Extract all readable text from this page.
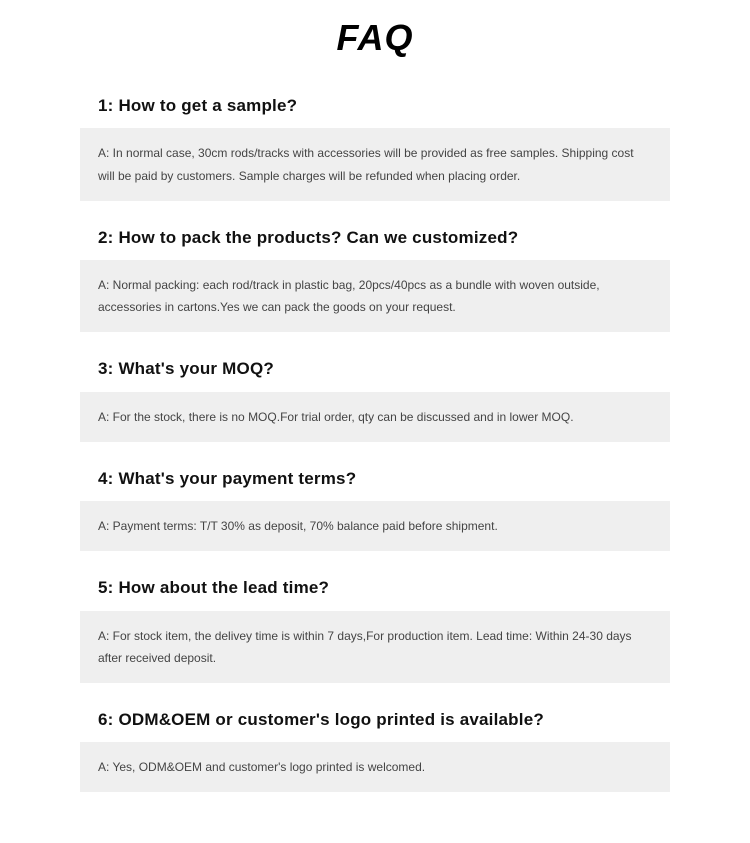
FAQ
1: How to get a sample?

A: In normal case, 30cm rods/tracks with accessories will be provided as free samples. Shipping cost will be paid by customers. Sample charges will be refunded when placing order.

2: How to pack the products? Can we customized?

A: Normal packing: each rod/track in plastic bag, 20pcs/40pcs as a bundle with woven outside, accessories in cartons.Yes we can pack the goods on your request.

3: What's your MOQ?

A: For the stock, there is no MOQ.For trial order, qty can be discussed and in lower MOQ.

4: What's your payment terms?

A: Payment terms: T/T 30% as deposit, 70% balance paid before shipment.

5: How about the lead time?

A: For stock item, the delivey time is within 7 days,For production item. Lead time: Within 24-30 days after received deposit.

6: ODM&OEM or customer's logo printed is available?

A: Yes, ODM&OEM and customer's logo printed is welcomed.
